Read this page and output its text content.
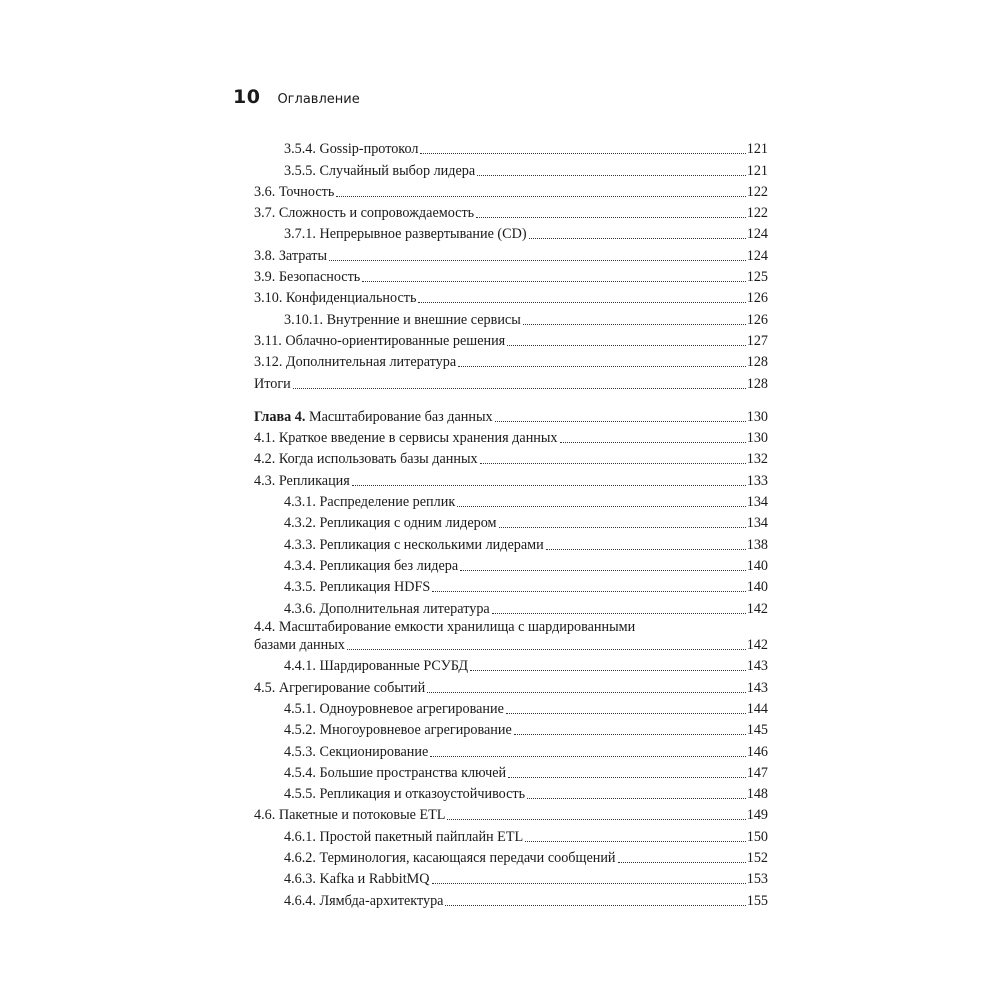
10 Оглавление
3.5.4. Gossip-протокол	121
3.5.5. Случайный выбор лидера	121
3.6. Точность	122
3.7. Сложность и сопровождаемость	122
3.7.1. Непрерывное развертывание (CD)	124
3.8. Затраты	124
3.9. Безопасность	125
3.10. Конфиденциальность	126
3.10.1. Внутренние и внешние сервисы	126
3.11. Облачно-ориентированные решения	127
3.12. Дополнительная литература	128
Итоги	128
Глава 4. Масштабирование баз данных	130
4.1. Краткое введение в сервисы хранения данных	130
4.2. Когда использовать базы данных	132
4.3. Репликация	133
4.3.1. Распределение реплик	134
4.3.2. Репликация с одним лидером	134
4.3.3. Репликация с несколькими лидерами	138
4.3.4. Репликация без лидера	140
4.3.5. Репликация HDFS	140
4.3.6. Дополнительная литература	142
4.4. Масштабирование емкости хранилища с шардированными
базами данных	142
4.4.1. Шардированные РСУБД	143
4.5. Агрегирование событий	143
4.5.1. Одноуровневое агрегирование	144
4.5.2. Многоуровневое агрегирование	145
4.5.3. Секционирование	146
4.5.4. Большие пространства ключей	147
4.5.5. Репликация и отказоустойчивость	148
4.6. Пакетные и потоковые ETL	149
4.6.1. Простой пакетный пайплайн ETL	150
4.6.2. Терминология, касающаяся передачи сообщений	152
4.6.3. Kafka и RabbitMQ	153
4.6.4. Лямбда-архитектура	155
